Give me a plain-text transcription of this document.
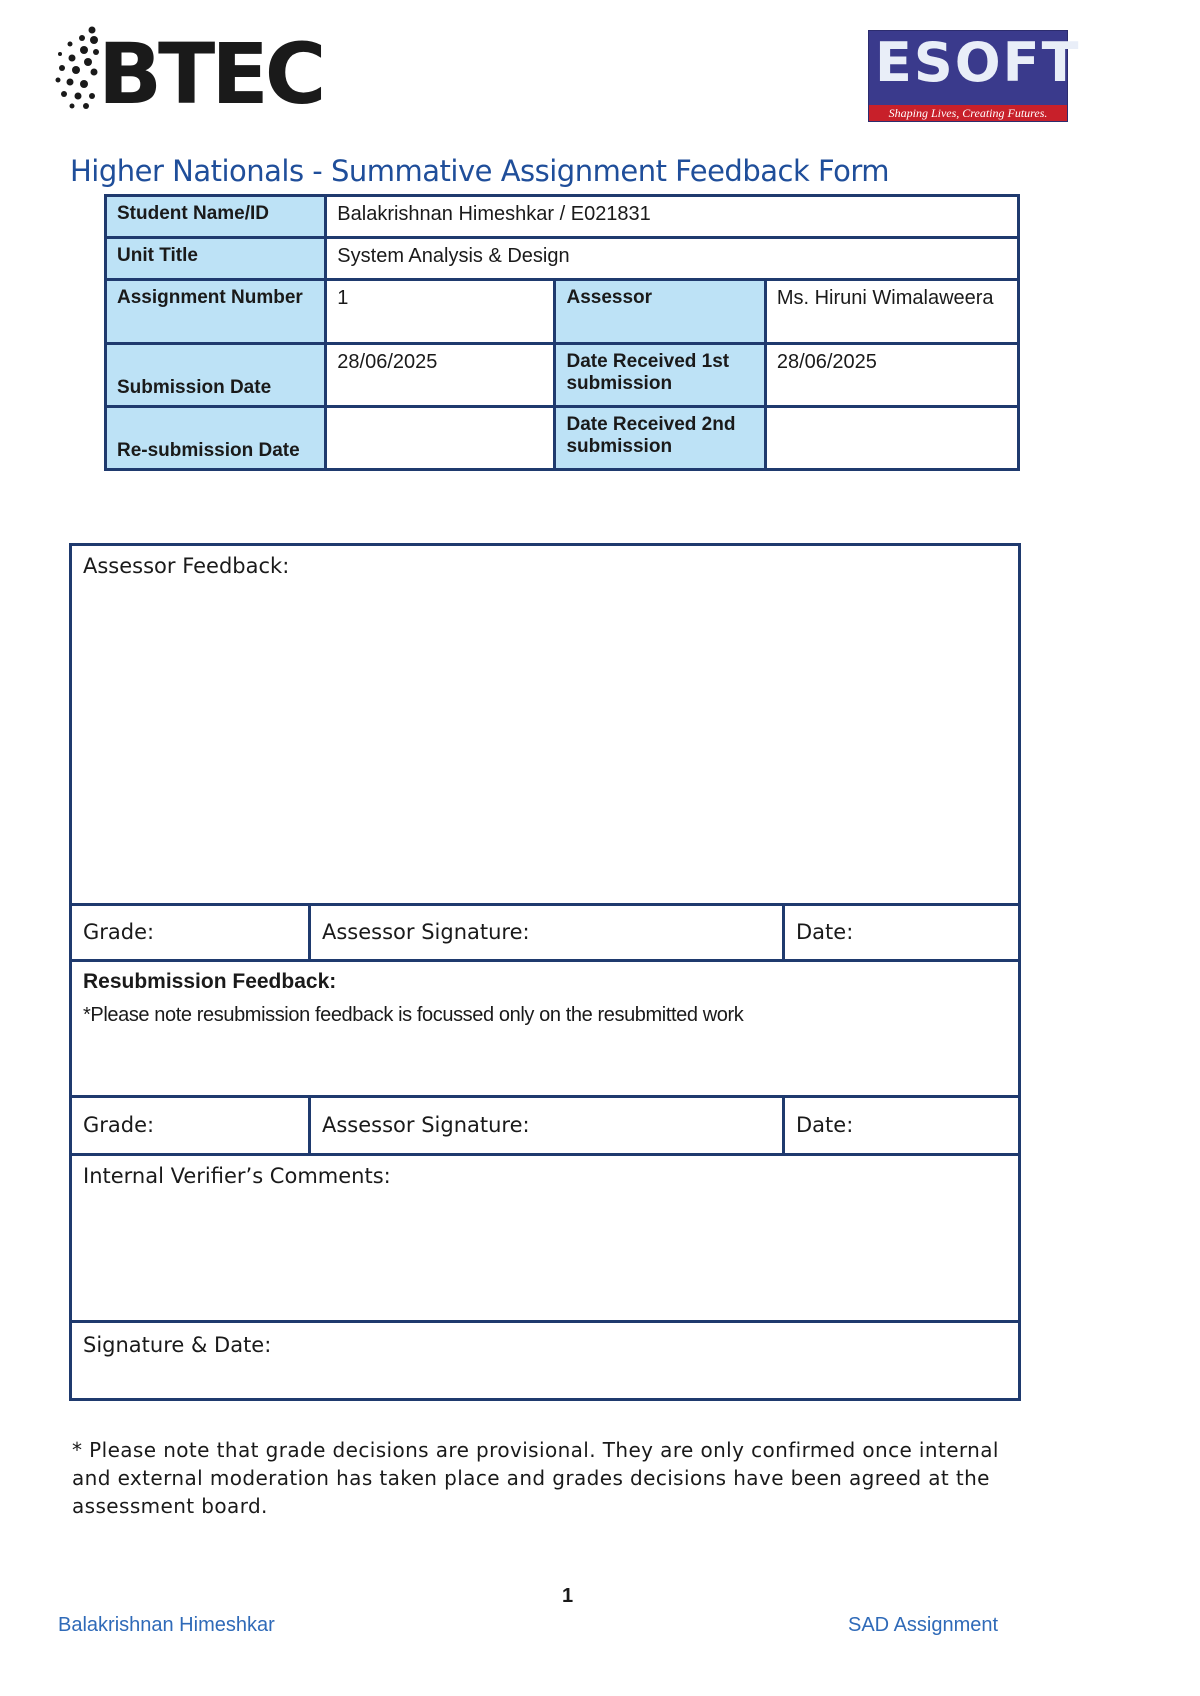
BTEC	ESOFT
Shaping Lives, Creating Futures.
Higher Nationals - Summative Assignment Feedback Form
Student Name/ID	Balakrishnan Himeshkar / E021831		
Unit Title	System Analysis & Design		
Assignment Number	1	Assessor	Ms. Hiruni Wimalaweera
Submission Date	28/06/2025	Date Received 1st submission	28/06/2025
Re-submission Date		Date Received 2nd submission	
Assessor Feedback:
Grade:	Assessor Signature:	Date:
Resubmission Feedback:
*Please note resubmission feedback is focussed only on the resubmitted work
Grade:	Assessor Signature:	Date:
Internal Verifier’s Comments:
Signature & Date:
* Please note that grade decisions are provisional. They are only confirmed once internal and external moderation has taken place and grades decisions have been agreed at the assessment board.
1
Balakrishnan Himeshkar	SAD Assignment
